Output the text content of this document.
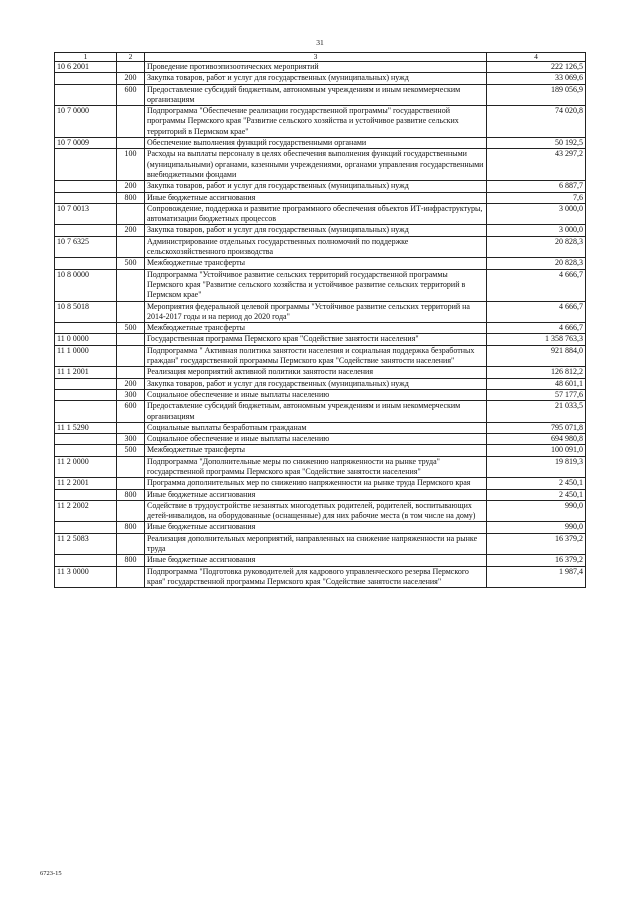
31
1	2	3	4
10 6 2001		Проведение противоэпизоотических мероприятий	222 126,5
	200	Закупка товаров, работ и услуг для государственных (муниципальных) нужд	33 069,6
	600	Предоставление субсидий бюджетным, автономным учреждениям и иным некоммерческим организациям	189 056,9
10 7 0000		Подпрограмма "Обеспечение реализации государственной программы" государственной программы Пермского края "Развитие сельского хозяйства и устойчивое развитие сельских территорий в Пермском крае"	74 020,8
10 7 0009		Обеспечение выполнения функций государственными органами	50 192,5
	100	Расходы на выплаты персоналу в целях обеспечения выполнения функций государственными (муниципальными) органами, казенными учреждениями, органами управления государственными внебюджетными фондами	43 297,2
	200	Закупка товаров, работ и услуг для государственных (муниципальных) нужд	6 887,7
	800	Иные бюджетные ассигнования	7,6
10 7 0013		Сопровождение, поддержка и развитие программного обеспечения объектов ИТ-инфраструктуры, автоматизации бюджетных процессов	3 000,0
	200	Закупка товаров, работ и услуг для государственных (муниципальных) нужд	3 000,0
10 7 6325		Администрирование отдельных государственных полномочий по поддержке сельскохозяйственного производства	20 828,3
	500	Межбюджетные трансферты	20 828,3
10 8 0000		Подпрограмма "Устойчивое развитие сельских территорий государственной программы Пермского края "Развитие сельского хозяйства и устойчивое развитие сельских территорий в Пермском крае"	4 666,7
10 8 5018		Мероприятия федеральной целевой программы "Устойчивое развитие сельских территорий на 2014-2017 годы и на период до 2020 года"	4 666,7
	500	Межбюджетные трансферты	4 666,7
11 0 0000		Государственная программа Пермского края "Содействие занятости населения"	1 358 763,3
11 1 0000		Подпрограмма " Активная политика занятости населения и социальная поддержка безработных граждан" государственной программы Пермского края "Содействие занятости населения"	921 884,0
11 1 2001		Реализация мероприятий активной политики занятости населения	126 812,2
	200	Закупка товаров, работ и услуг для государственных (муниципальных) нужд	48 601,1
	300	Социальное обеспечение и иные выплаты населению	57 177,6
	600	Предоставление субсидий бюджетным, автономным учреждениям и иным некоммерческим организациям	21 033,5
11 1 5290		Социальные выплаты безработным гражданам	795 071,8
	300	Социальное обеспечение и иные выплаты населению	694 980,8
	500	Межбюджетные трансферты	100 091,0
11 2 0000		Подпрограмма "Дополнительные меры по снижению напряженности на рынке труда" государственной программы Пермского края "Содействие занятости населения"	19 819,3
11 2 2001		Программа дополнительных мер по снижению напряженности на рынке труда Пермского края	2 450,1
	800	Иные бюджетные ассигнования	2 450,1
11 2 2002		Содействие в трудоустройстве незанятых многодетных родителей, родителей, воспитывающих детей-инвалидов, на оборудованные (оснащенные) для них рабочие места (в том числе на дому)	990,0
	800	Иные бюджетные ассигнования	990,0
11 2 5083		Реализация дополнительных мероприятий, направленных на снижение напряженности на рынке труда	16 379,2
	800	Иные бюджетные ассигнования	16 379,2
11 3 0000		Подпрограмма "Подготовка руководителей для кадрового управленческого резерва Пермского края" государственной программы Пермского края "Содействие занятости населения"	1 987,4
6723-15
